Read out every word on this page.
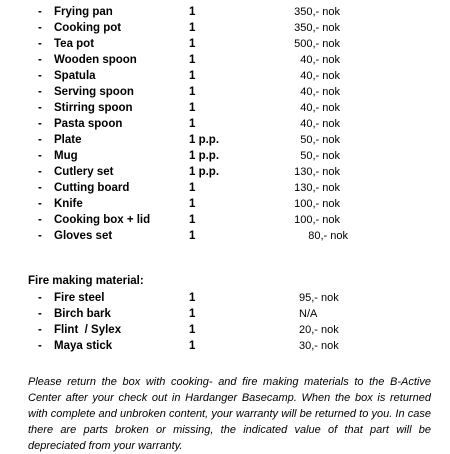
- Frying pan	1	350,- nok
- Cooking pot	1	350,- nok
- Tea pot	1	500,- nok
- Wooden spoon	1	40,- nok
- Spatula	1	40,- nok
- Serving spoon	1	40,- nok
- Stirring spoon	1	40,- nok
- Pasta spoon	1	40,- nok
- Plate	1 p.p.	50,- nok
- Mug	1 p.p.	50,- nok
- Cutlery set	1 p.p.	130,- nok
- Cutting board	1	130,- nok
- Knife	1	100,- nok
- Cooking box + lid	1	100,- nok
- Gloves set	1	80,- nok
Fire making material:
- Fire steel	1	95,- nok
- Birch bark	1	N/A
- Flint  / Sylex	1	20,- nok
- Maya stick	1	30,- nok

Please return the box with cooking- and fire making materials to the B-Active Center after your check out in Hardanger Basecamp. When the box is returned with complete and unbroken content, your warranty will be returned to you. In case there are parts broken or missing, the indicated value of that part will be depreciated from your warranty.
